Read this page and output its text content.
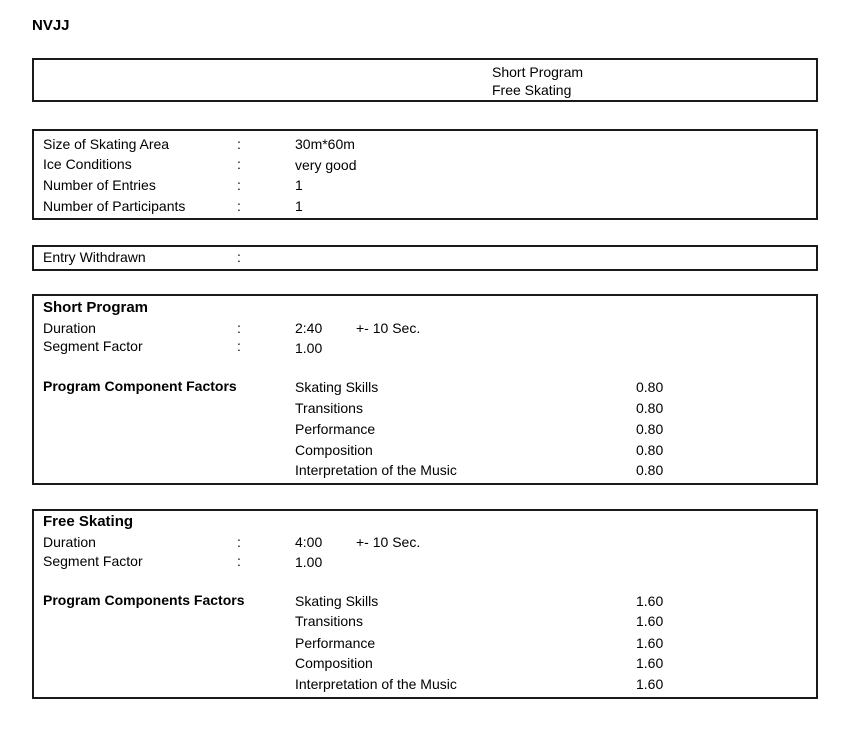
NVJJ
Short Program
Free Skating
Size of Skating Area	:	30m*60m
Ice Conditions	:	very good
Number of Entries	:	1
Number of Participants	:	1
Entry Withdrawn	:
Short Program
Duration	:	2:40 +- 10 Sec.
Segment Factor	:	1.00
Program Component Factors	Skating Skills	0.80
Transitions	0.80
Performance	0.80
Composition	0.80
Interpretation of the Music	0.80
Free Skating
Duration	:	4:00 +- 10 Sec.
Segment Factor	:	1.00
Program Components Factors	Skating Skills	1.60
Transitions	1.60
Performance	1.60
Composition	1.60
Interpretation of the Music	1.60
